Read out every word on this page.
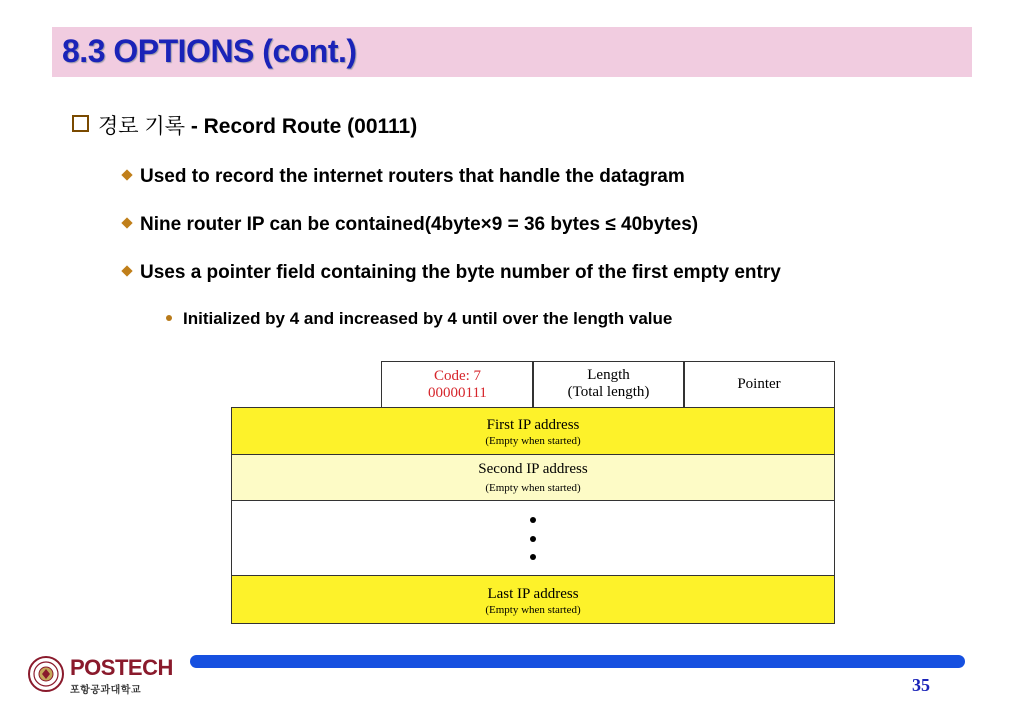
8.3 OPTIONS (cont.)
경로 기록 - Record Route (00111)
Used to record the internet routers that handle the datagram
Nine router IP can be contained(4byte×9 = 36 bytes ≤ 40bytes)
Uses a pointer field containing the byte number of the first empty entry
Initialized by 4 and increased by 4 until over the length value
Code: 7
00000111
Length
(Total length)	Pointer
First IP address
(Empty when started)
Second IP address
(Empty when started)
Last IP address
(Empty when started)
POSTECH
포항공과대학교	35
